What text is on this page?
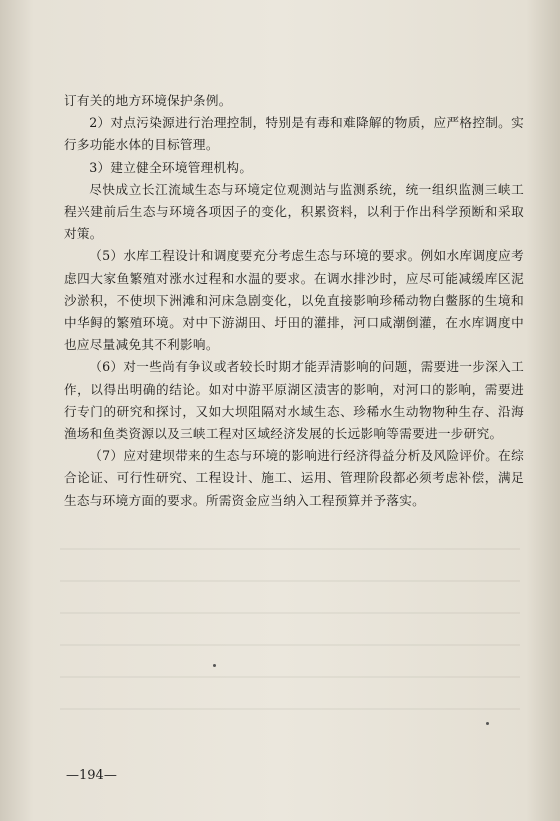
订有关的地方环境保护条例。

2）对点污染源进行治理控制，特别是有毒和难降解的物质，应严格控制。实行多功能水体的目标管理。

3）建立健全环境管理机构。

尽快成立长江流域生态与环境定位观测站与监测系统，统一组织监测三峡工程兴建前后生态与环境各项因子的变化，积累资料，以利于作出科学预断和采取对策。

（5）水库工程设计和调度要充分考虑生态与环境的要求。例如水库调度应考虑四大家鱼繁殖对涨水过程和水温的要求。在调水排沙时，应尽可能减缓库区泥沙淤积，不使坝下洲滩和河床急剧变化，以免直接影响珍稀动物白鳖豚的生境和中华鲟的繁殖环境。对中下游湖田、圩田的灌排，河口咸潮倒灌，在水库调度中也应尽量减免其不利影响。

（6）对一些尚有争议或者较长时期才能弄清影响的问题，需要进一步深入工作，以得出明确的结论。如对中游平原湖区渍害的影响，对河口的影响，需要进行专门的研究和探讨，又如大坝阻隔对水域生态、珍稀水生动物物种生存、沿海渔场和鱼类资源以及三峡工程对区域经济发展的长远影响等需要进一步研究。

（7）应对建坝带来的生态与环境的影响进行经济得益分析及风险评价。在综合论证、可行性研究、工程设计、施工、运用、管理阶段都必须考虑补偿，满足生态与环境方面的要求。所需资金应当纳入工程预算并予落实。

—194—
